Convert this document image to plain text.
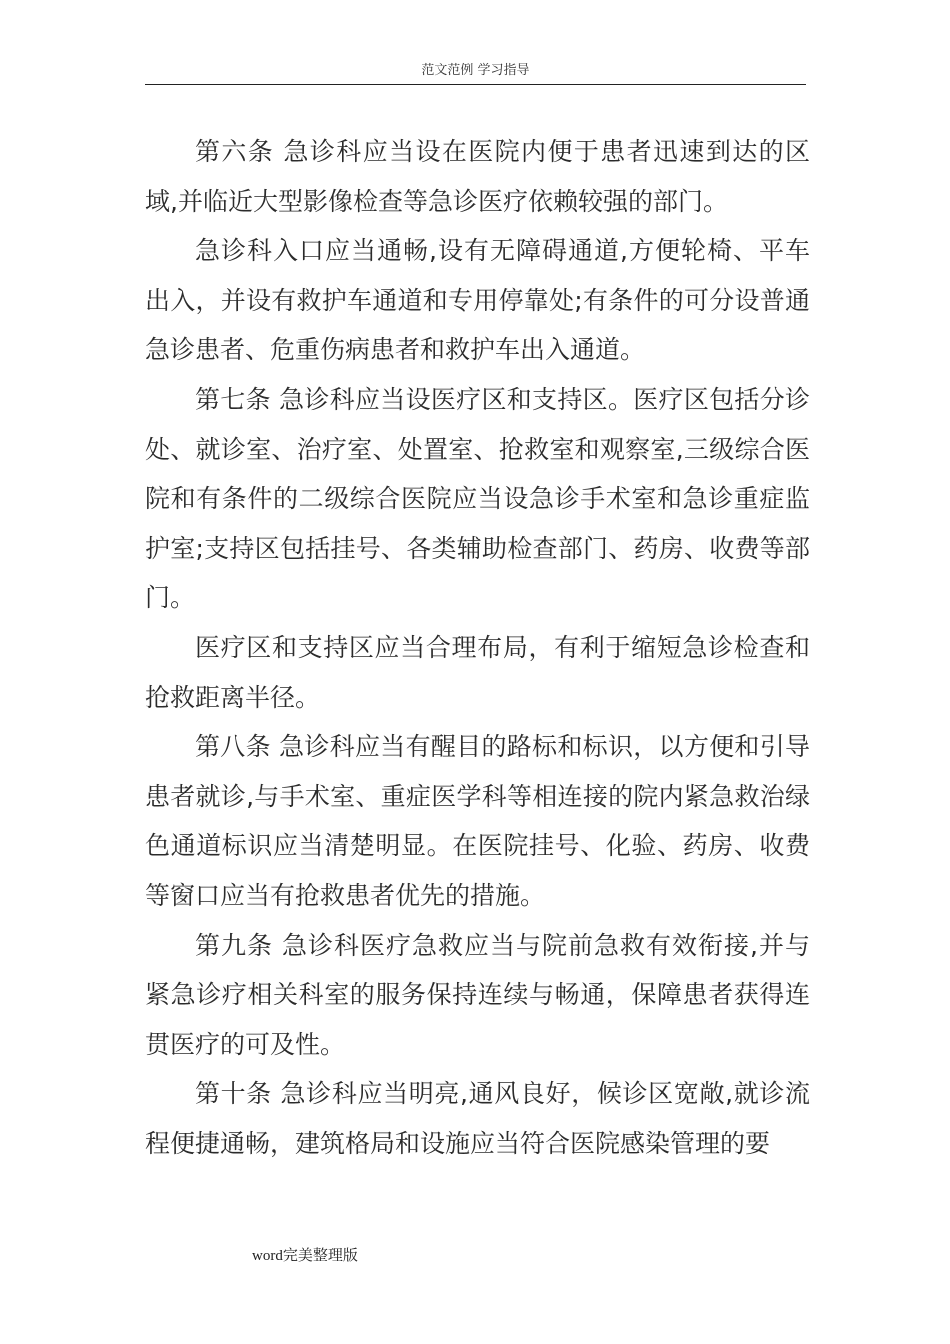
范文范例 学习指导

第六条 急诊科应当设在医院内便于患者迅速到达的区域,并临近大型影像检查等急诊医疗依赖较强的部门。

急诊科入口应当通畅,设有无障碍通道,方便轮椅、平车出入，并设有救护车通道和专用停靠处;有条件的可分设普通急诊患者、危重伤病患者和救护车出入通道。

第七条 急诊科应当设医疗区和支持区。医疗区包括分诊处、就诊室、治疗室、处置室、抢救室和观察室,三级综合医院和有条件的二级综合医院应当设急诊手术室和急诊重症监护室;支持区包括挂号、各类辅助检查部门、药房、收费等部门。

医疗区和支持区应当合理布局，有利于缩短急诊检查和抢救距离半径。

第八条 急诊科应当有醒目的路标和标识，以方便和引导患者就诊,与手术室、重症医学科等相连接的院内紧急救治绿色通道标识应当清楚明显。在医院挂号、化验、药房、收费等窗口应当有抢救患者优先的措施。

第九条 急诊科医疗急救应当与院前急救有效衔接,并与紧急诊疗相关科室的服务保持连续与畅通，保障患者获得连贯医疗的可及性。

第十条 急诊科应当明亮,通风良好，候诊区宽敞,就诊流程便捷通畅，建筑格局和设施应当符合医院感染管理的要

word完美整理版
